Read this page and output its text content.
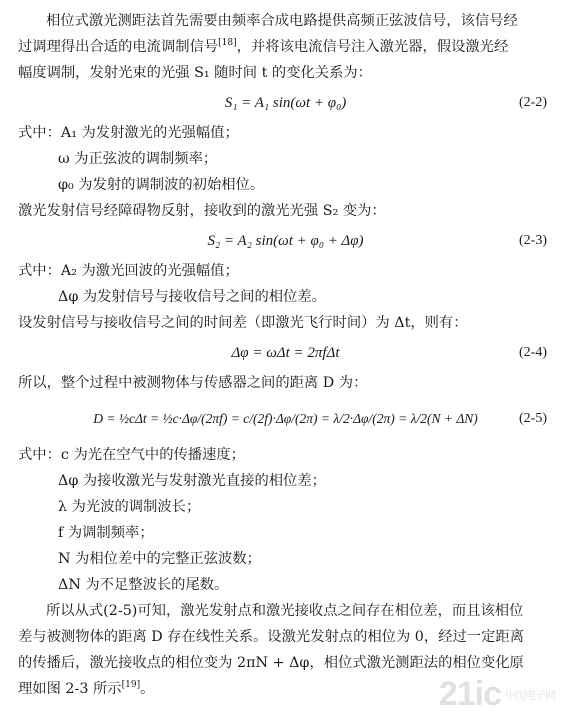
相位式激光测距法首先需要由频率合成电路提供高频正弦波信号，该信号经

过调理得出合适的电流调制信号[18]，并将该电流信号注入激光器，假设激光经

幅度调制，发射光束的光强 S₁ 随时间 t 的变化关系为：

S₁ = A₁ sin(ωt + φ₀)	(2-2)

式中：A₁ 为发射激光的光强幅值；

ω 为正弦波的调制频率；

φ₀ 为发射的调制波的初始相位。

激光发射信号经障碍物反射，接收到的激光光强 S₂ 变为：

S₂ = A₂ sin(ωt + φ₀ + Δφ)	(2-3)

式中：A₂ 为激光回波的光强幅值；

Δφ 为发射信号与接收信号之间的相位差。

设发射信号与接收信号之间的时间差（即激光飞行时间）为 Δt，则有：

Δφ = ωΔt = 2πfΔt	(2-4)

所以，整个过程中被测物体与传感器之间的距离 D 为：

D = ½cΔt = ½c·Δφ/(2πf) = c/(2f)·Δφ/(2π) = λ/2·Δφ/(2π) = λ/2(N + ΔN)	(2-5)

式中：c 为光在空气中的传播速度；

Δφ 为接收激光与发射激光直接的相位差；

λ 为光波的调制波长；

f 为调制频率；

N 为相位差中的完整正弦波数；

ΔN 为不足整波长的尾数。

所以从式(2-5)可知，激光发射点和激光接收点之间存在相位差，而且该相位

差与被测物体的距离 D 存在线性关系。设激光发射点的相位为 0，经过一定距离

的传播后，激光接收点的相位变为 2πN + Δφ，相位式激光测距法的相位变化原

理如图 2-3 所示[19]。	21ic 中国电子网
